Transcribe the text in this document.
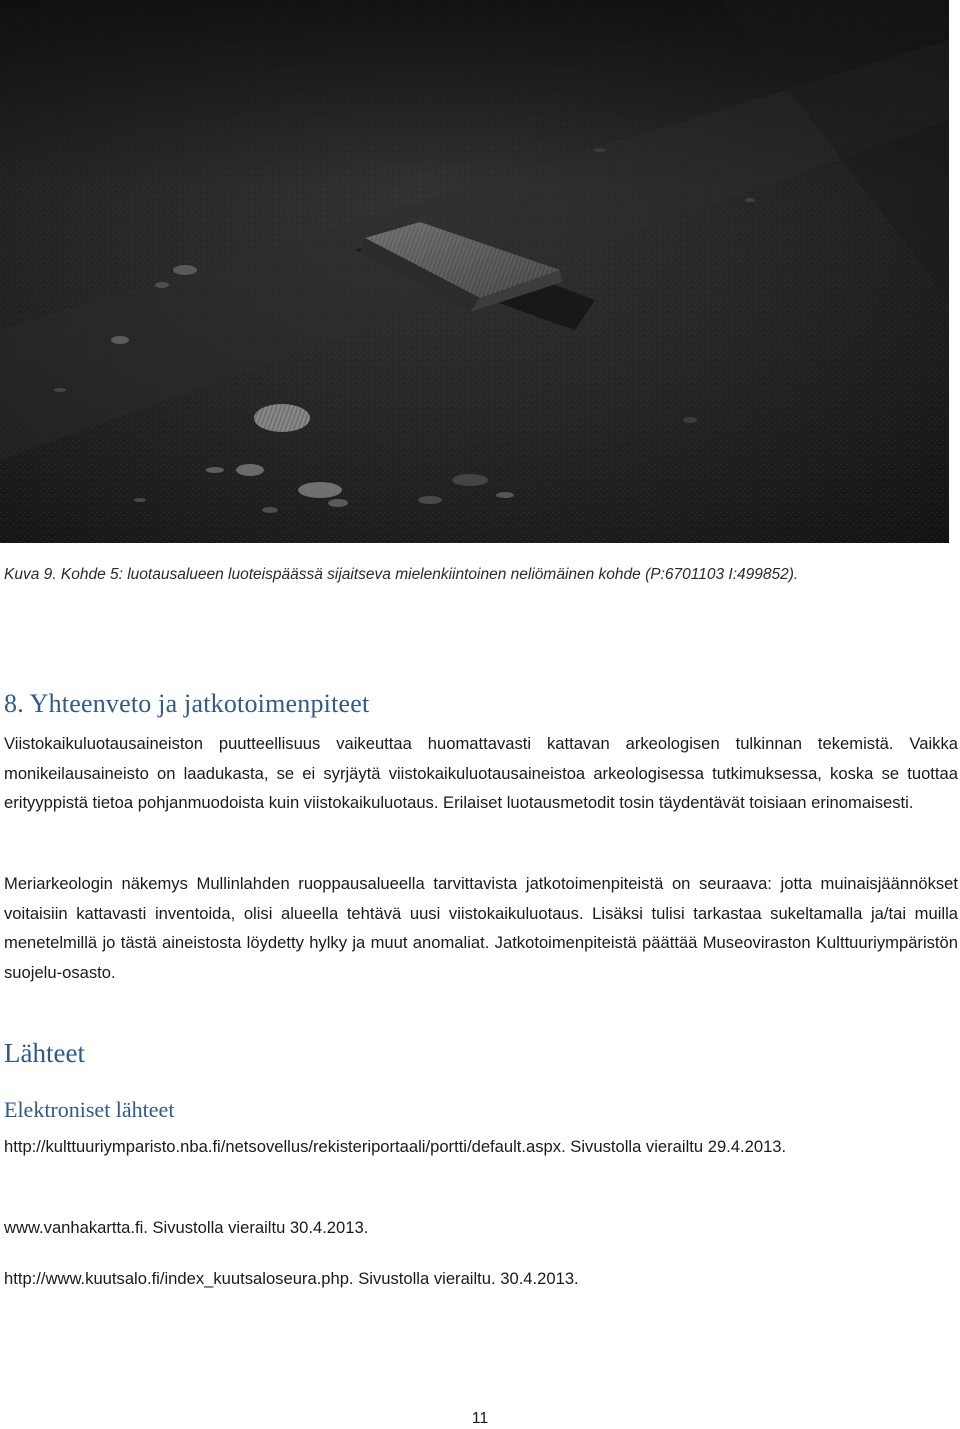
Kuva 9. Kohde 5: luotausalueen luoteispäässä sijaitseva mielenkiintoinen neliömäinen kohde (P:6701103 I:499852).

8. Yhteenveto ja jatkotoimenpiteet

Viistokaikuluotausaineiston puutteellisuus vaikeuttaa huomattavasti kattavan arkeologisen tulkinnan tekemistä. Vaikka monikeilausaineisto on laadukasta, se ei syrjäytä viistokaikuluotausaineistoa arkeologisessa tutkimuksessa, koska se tuottaa erityyppistä tietoa pohjanmuodoista kuin viistokaikuluotaus. Erilaiset luotausmetodit tosin täydentävät toisiaan erinomaisesti.

Meriarkeologin näkemys Mullinlahden ruoppausalueella tarvittavista jatkotoimenpiteistä on seuraava: jotta muinaisjäännökset voitaisiin kattavasti inventoida, olisi alueella tehtävä uusi viistokaikuluotaus. Lisäksi tulisi tarkastaa sukeltamalla ja/tai muilla menetelmillä jo tästä aineistosta löydetty hylky ja muut anomaliat. Jatkotoimenpiteistä päättää Museoviraston Kulttuuriympäristön suojelu-osasto.

Lähteet
Elektroniset lähteet

http://kulttuuriymparisto.nba.fi/netsovellus/rekisteriportaali/portti/default.aspx. Sivustolla vierailtu 29.4.2013.

www.vanhakartta.fi. Sivustolla vierailtu 30.4.2013.

http://www.kuutsalo.fi/index_kuutsaloseura.php. Sivustolla vierailtu. 30.4.2013.

11
